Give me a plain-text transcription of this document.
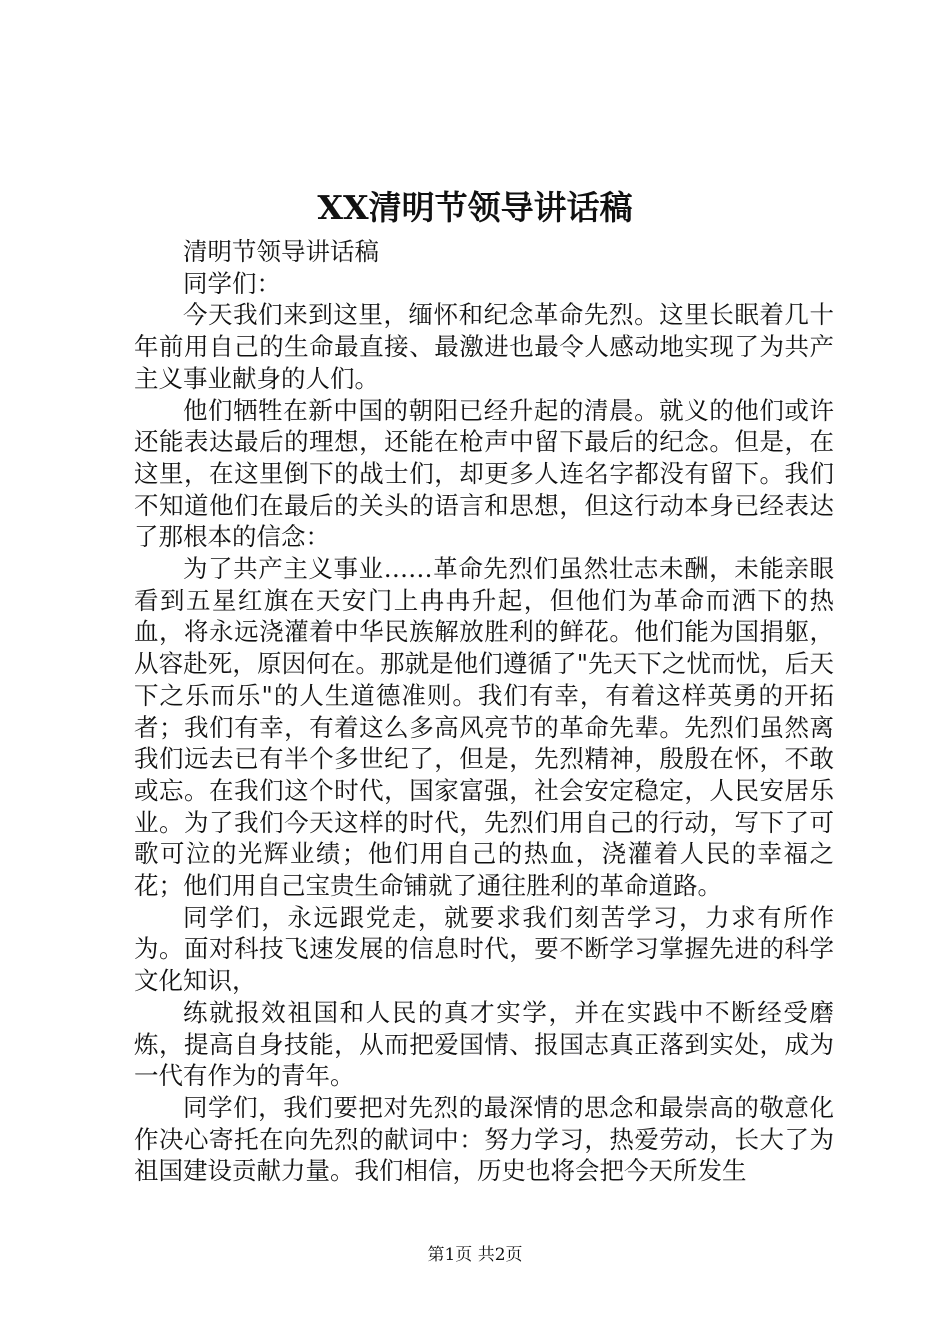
XX清明节领导讲话稿

清明节领导讲话稿

同学们：

今天我们来到这里，缅怀和纪念革命先烈。这里长眠着几十年前用自己的生命最直接、最激进也最令人感动地实现了为共产主义事业献身的人们。

他们牺牲在新中国的朝阳已经升起的清晨。就义的他们或许还能表达最后的理想，还能在枪声中留下最后的纪念。但是，在这里，在这里倒下的战士们，却更多人连名字都没有留下。我们不知道他们在最后的关头的语言和思想，但这行动本身已经表达了那根本的信念：

为了共产主义事业……革命先烈们虽然壮志未酬，未能亲眼看到五星红旗在天安门上冉冉升起，但他们为革命而洒下的热血，将永远浇灌着中华民族解放胜利的鲜花。他们能为国捐躯，从容赴死，原因何在。那就是他们遵循了"先天下之忧而忧，后天下之乐而乐"的人生道德准则。我们有幸，有着这样英勇的开拓者；我们有幸，有着这么多高风亮节的革命先辈。先烈们虽然离我们远去已有半个多世纪了，但是，先烈精神，殷殷在怀，不敢或忘。在我们这个时代，国家富强，社会安定稳定，人民安居乐业。为了我们今天这样的时代，先烈们用自己的行动，写下了可歌可泣的光辉业绩；他们用自己的热血，浇灌着人民的幸福之花；他们用自己宝贵生命铺就了通往胜利的革命道路。

同学们，永远跟党走，就要求我们刻苦学习，力求有所作为。面对科技飞速发展的信息时代，要不断学习掌握先进的科学文化知识，

练就报效祖国和人民的真才实学，并在实践中不断经受磨炼，提高自身技能，从而把爱国情、报国志真正落到实处，成为一代有作为的青年。

同学们，我们要把对先烈的最深情的思念和最崇高的敬意化作决心寄托在向先烈的献词中：努力学习，热爱劳动，长大了为祖国建设贡献力量。我们相信，历史也将会把今天所发生

第1页 共2页
